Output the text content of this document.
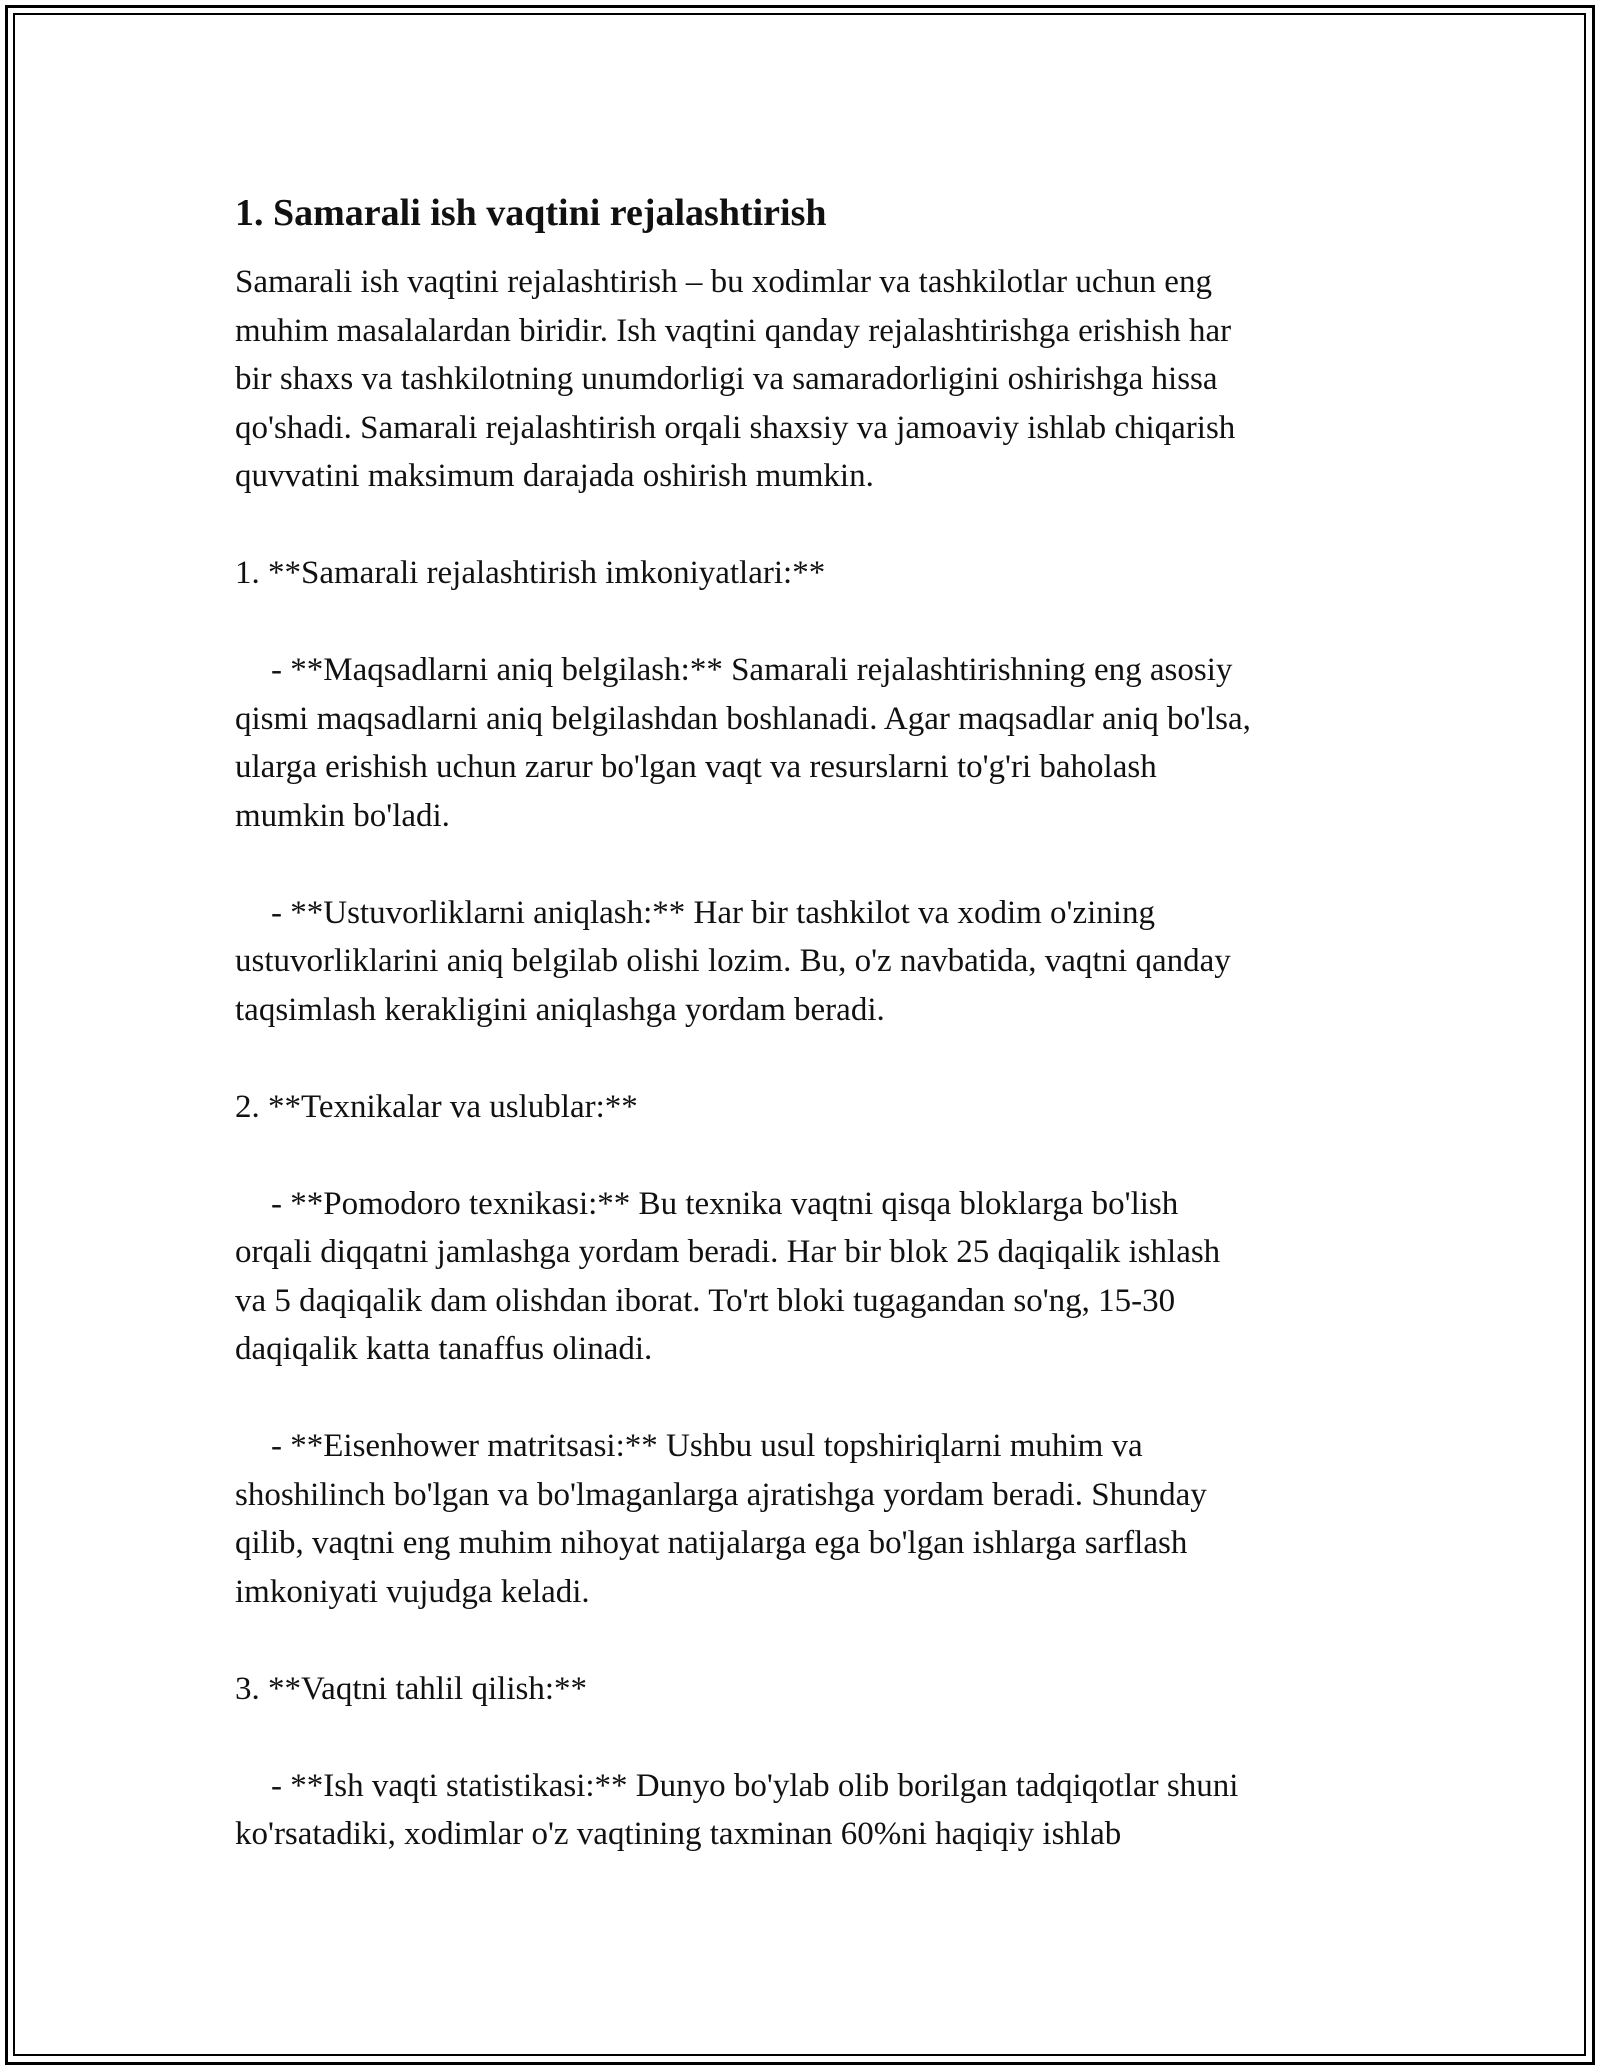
1. Samarali ish vaqtini rejalashtirish
Samarali ish vaqtini rejalashtirish – bu xodimlar va tashkilotlar uchun eng
muhim masalalardan biridir. Ish vaqtini qanday rejalashtirishga erishish har
bir shaxs va tashkilotning unumdorligi va samaradorligini oshirishga hissa
qo'shadi. Samarali rejalashtirish orqali shaxsiy va jamoaviy ishlab chiqarish
quvvatini maksimum darajada oshirish mumkin.
1. **Samarali rejalashtirish imkoniyatlari:**
- **Maqsadlarni aniq belgilash:** Samarali rejalashtirishning eng asosiy
qismi maqsadlarni aniq belgilashdan boshlanadi. Agar maqsadlar aniq bo'lsa,
ularga erishish uchun zarur bo'lgan vaqt va resurslarni to'g'ri baholash
mumkin bo'ladi.
- **Ustuvorliklarni aniqlash:** Har bir tashkilot va xodim o'zining
ustuvorliklarini aniq belgilab olishi lozim. Bu, o'z navbatida, vaqtni qanday
taqsimlash kerakligini aniqlashga yordam beradi.
2. **Texnikalar va uslublar:**
- **Pomodoro texnikasi:** Bu texnika vaqtni qisqa bloklarga bo'lish
orqali diqqatni jamlashga yordam beradi. Har bir blok 25 daqiqalik ishlash
va 5 daqiqalik dam olishdan iborat. To'rt bloki tugagandan so'ng, 15-30
daqiqalik katta tanaffus olinadi.
- **Eisenhower matritsasi:** Ushbu usul topshiriqlarni muhim va
shoshilinch bo'lgan va bo'lmaganlarga ajratishga yordam beradi. Shunday
qilib, vaqtni eng muhim nihoyat natijalarga ega bo'lgan ishlarga sarflash
imkoniyati vujudga keladi.
3. **Vaqtni tahlil qilish:**
- **Ish vaqti statistikasi:** Dunyo bo'ylab olib borilgan tadqiqotlar shuni
ko'rsatadiki, xodimlar o'z vaqtining taxminan 60%ni haqiqiy ishlab
